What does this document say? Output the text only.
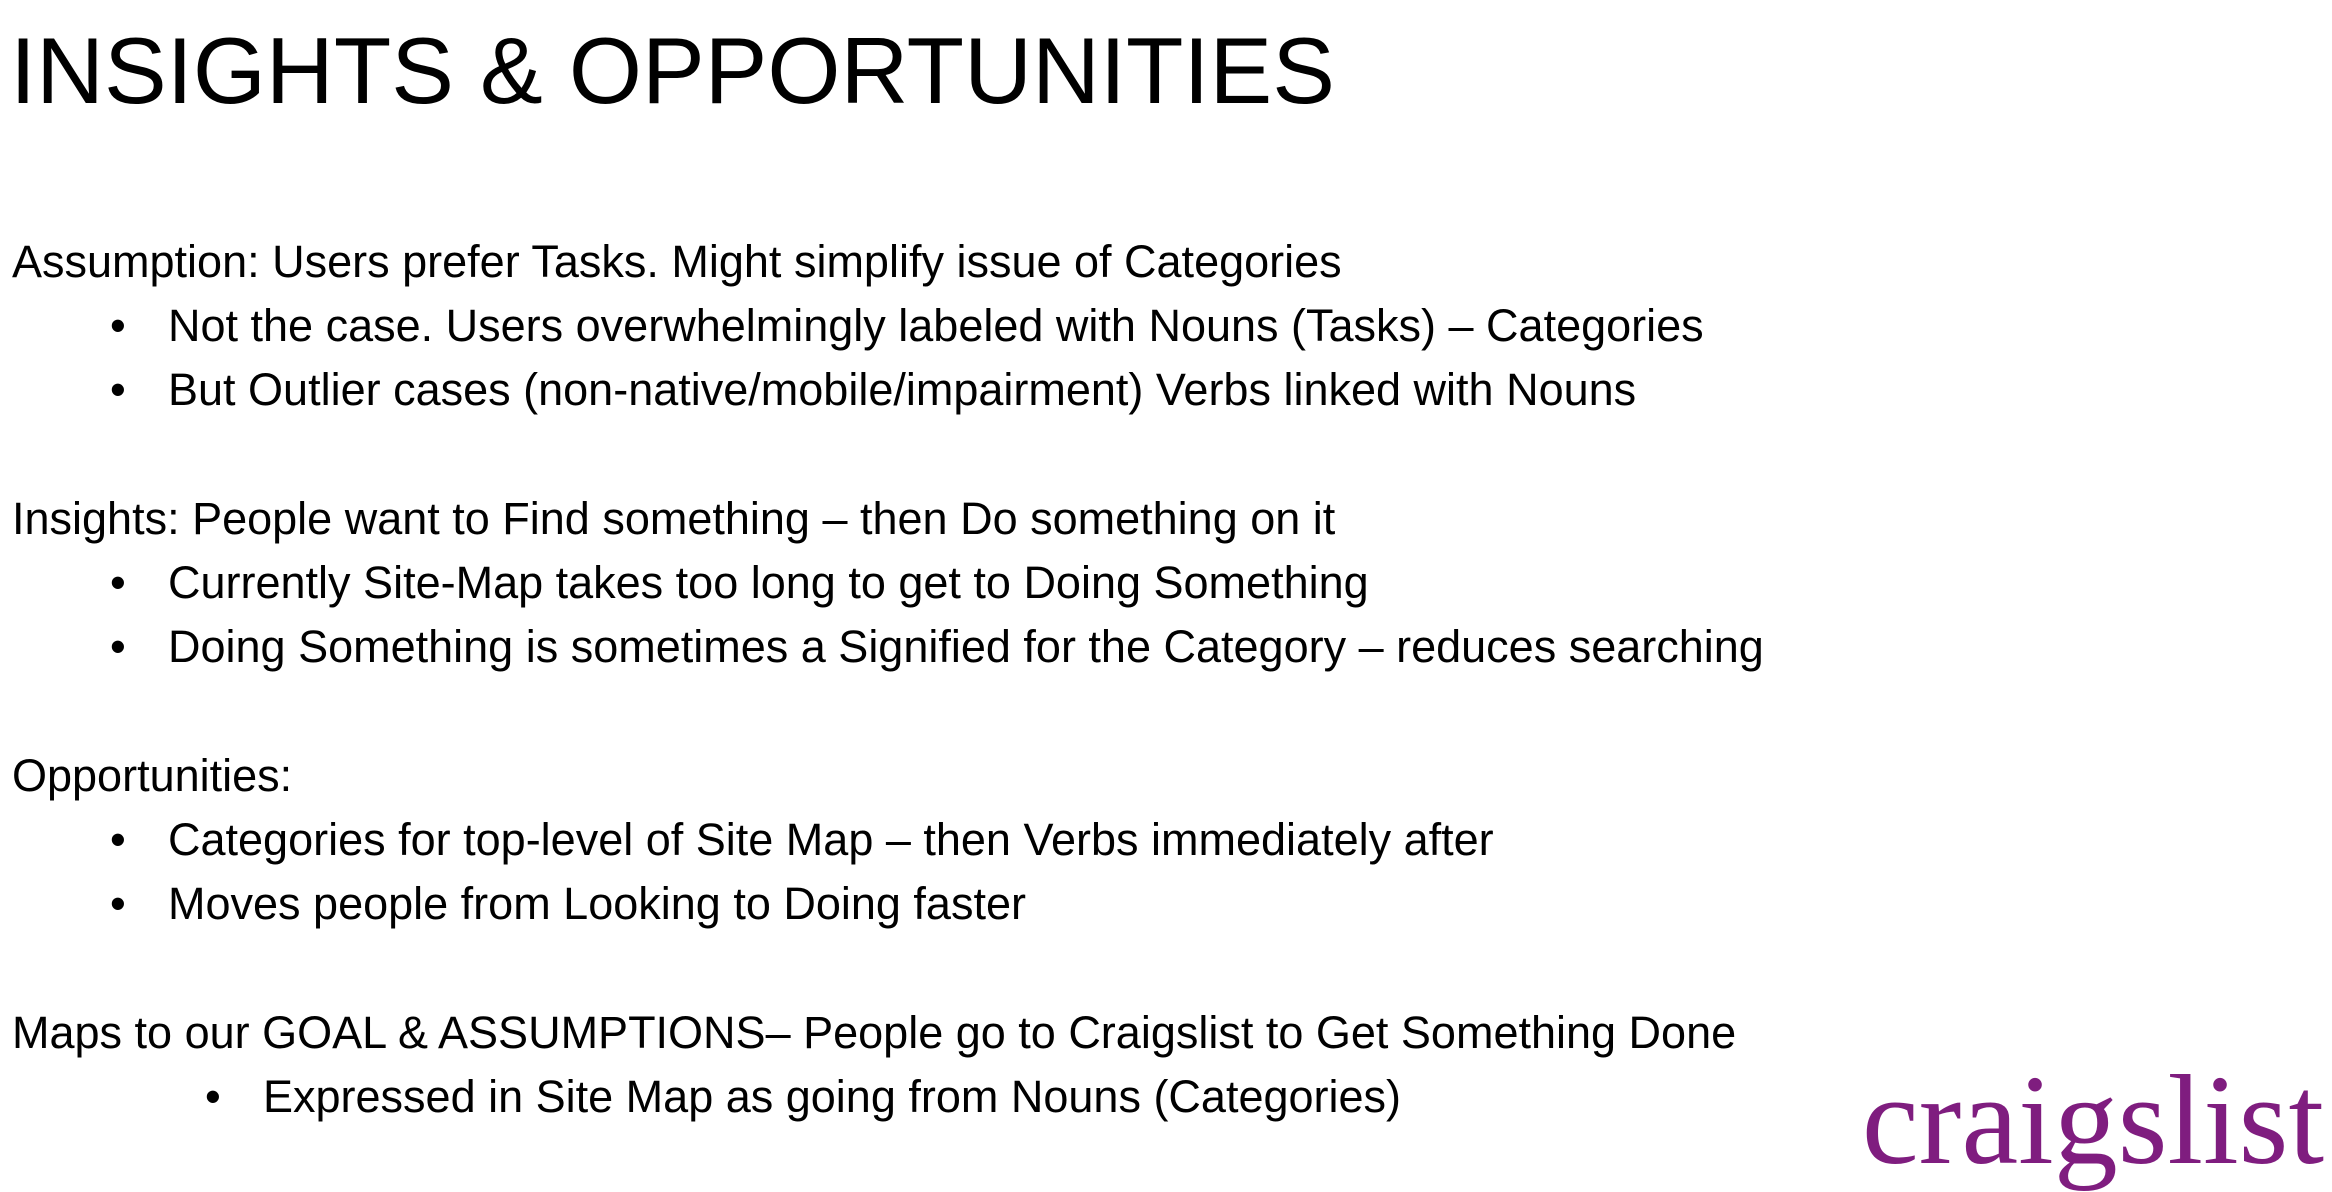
INSIGHTS & OPPORTUNITIES

Assumption: Users prefer Tasks. Might simplify issue of Categories

• Not the case. Users overwhelmingly labeled with Nouns (Tasks) – Categories
• But Outlier cases (non-native/mobile/impairment) Verbs linked with Nouns

Insights: People want to Find something – then Do something on it

• Currently Site-Map takes too long to get to Doing Something
• Doing Something is sometimes a Signified for the Category – reduces searching

Opportunities:

• Categories for top-level of Site Map – then Verbs immediately after
• Moves people from Looking to Doing faster

Maps to our GOAL & ASSUMPTIONS– People go to Craigslist to Get Something Done

• Expressed in Site Map as going from Nouns (Categories)	craigslist
